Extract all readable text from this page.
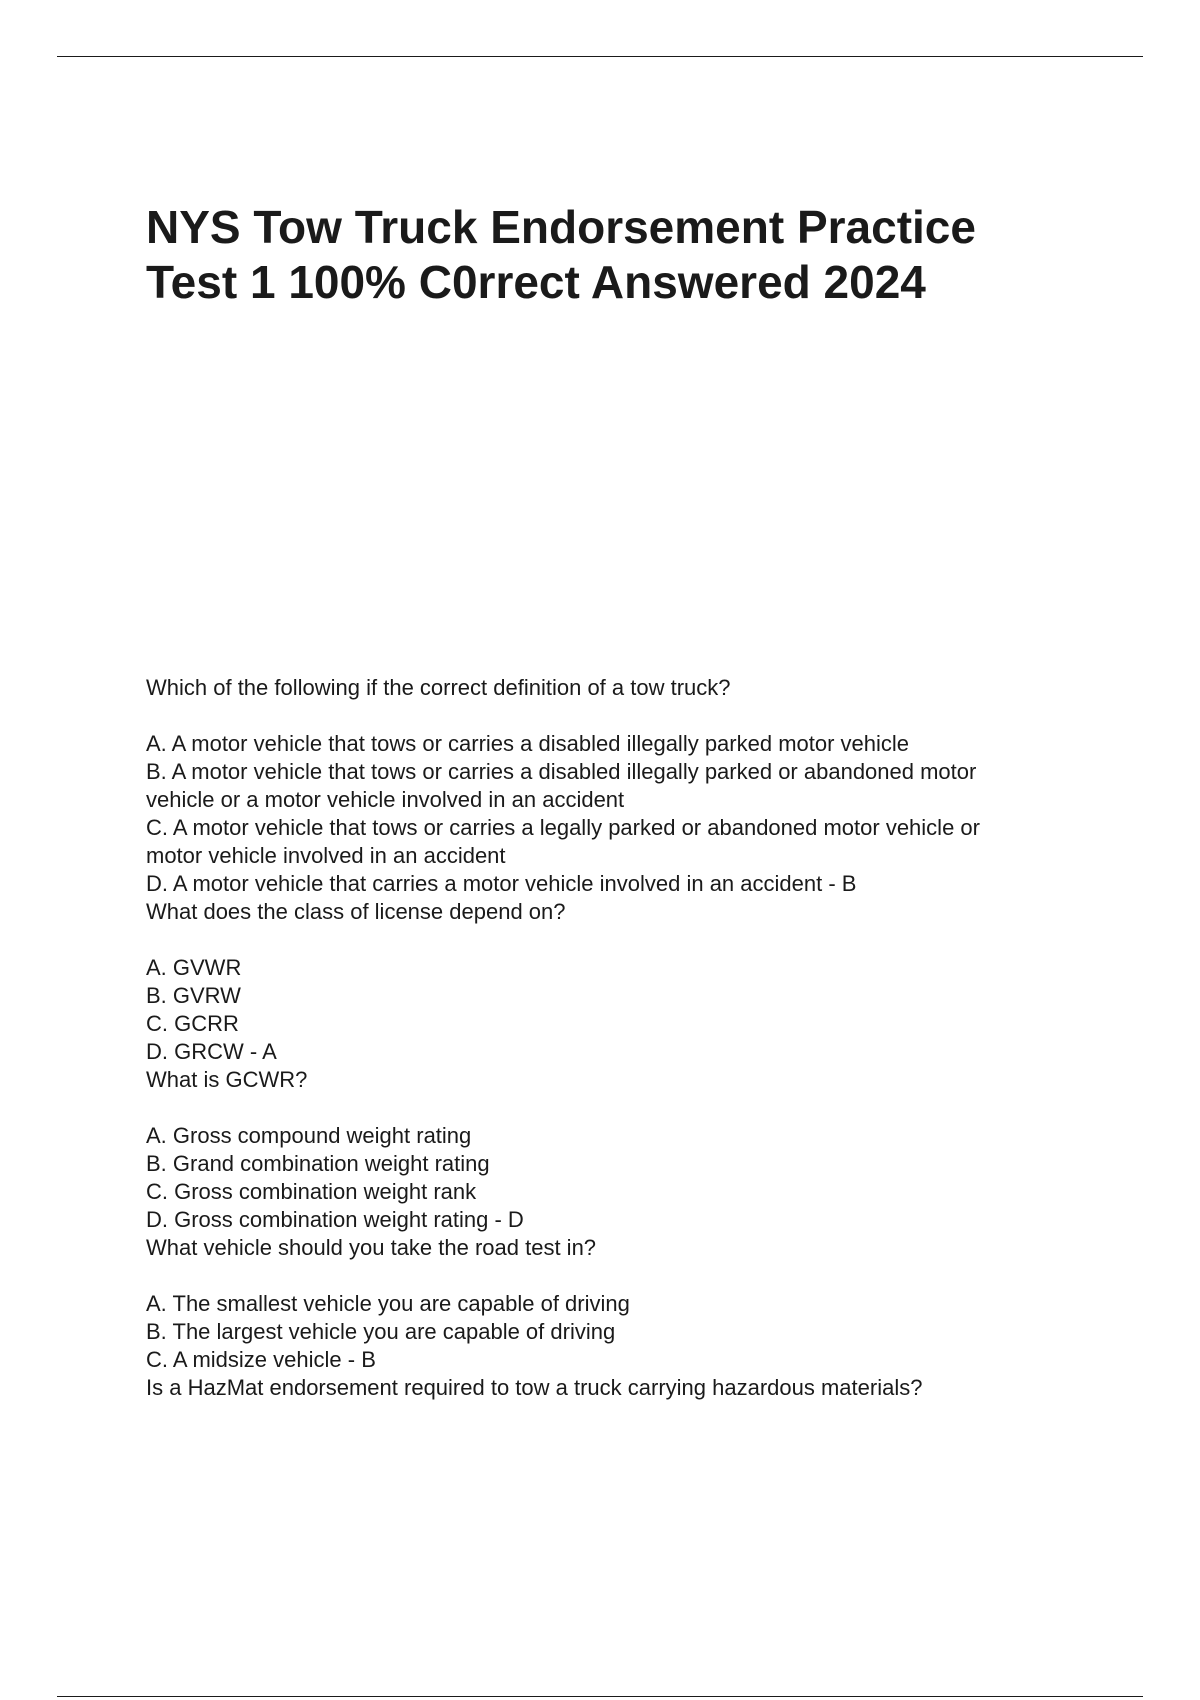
NYS Tow Truck Endorsement Practice
Test 1 100% C0rrect Answered 2024
Which of the following if the correct definition of a tow truck?
A. A motor vehicle that tows or carries a disabled illegally parked motor vehicle
B. A motor vehicle that tows or carries a disabled illegally parked or abandoned motor
vehicle or a motor vehicle involved in an accident
C. A motor vehicle that tows or carries a legally parked or abandoned motor vehicle or
motor vehicle involved in an accident
D. A motor vehicle that carries a motor vehicle involved in an accident - B
What does the class of license depend on?
A. GVWR
B. GVRW
C. GCRR
D. GRCW - A
What is GCWR?
A. Gross compound weight rating
B. Grand combination weight rating
C. Gross combination weight rank
D. Gross combination weight rating - D
What vehicle should you take the road test in?
A. The smallest vehicle you are capable of driving
B. The largest vehicle you are capable of driving
C. A midsize vehicle - B
Is a HazMat endorsement required to tow a truck carrying hazardous materials?
